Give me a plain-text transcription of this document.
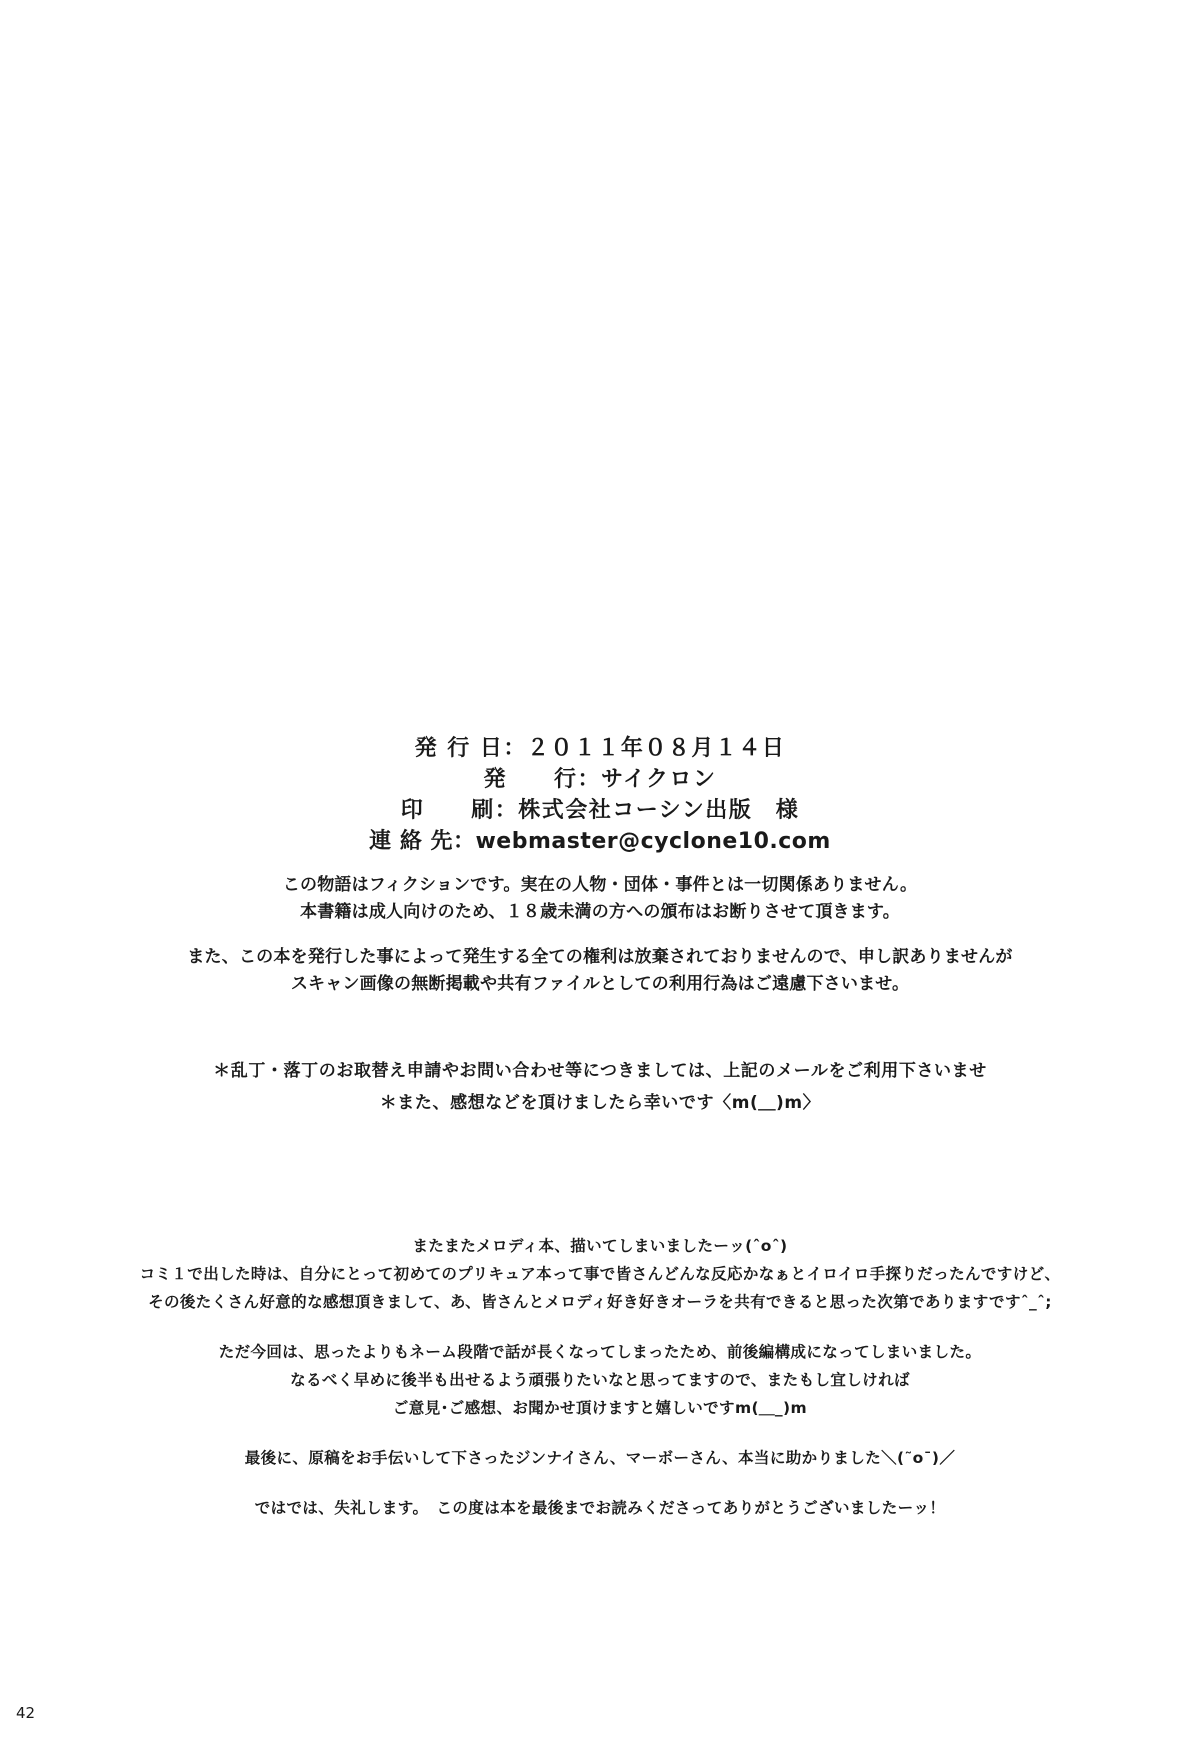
発 行 日：２０１１年０８月１４日

発　　行：サイクロン

印　　刷：株式会社コーシン出版　様

連 絡 先：webmaster@cyclone10.com

この物語はフィクションです。実在の人物・団体・事件とは一切関係ありません。

本書籍は成人向けのため、１８歳未満の方への頒布はお断りさせて頂きます。

また、この本を発行した事によって発生する全ての権利は放棄されておりませんので、申し訳ありませんが

スキャン画像の無断掲載や共有ファイルとしての利用行為はご遠慮下さいませ。

＊乱丁・落丁のお取替え申請やお問い合わせ等につきましては、上記のメールをご利用下さいませ

＊また、感想などを頂けましたら幸いです〈m(＿)m〉

またまたメロディ本、描いてしまいましたーッ(ˆoˆ)

コミ１で出した時は、自分にとって初めてのプリキュア本って事で皆さんどんな反応かなぁとイロイロ手探りだったんですけど、

その後たくさん好意的な感想頂きまして、あ、皆さんとメロディ好き好きオーラを共有できると思った次第でありますですˆ_ˆ;

ただ今回は、思ったよりもネーム段階で話が長くなってしまったため、前後編構成になってしまいました。

なるべく早めに後半も出せるよう頑張りたいなと思ってますので、またもし宜しければ

ご意見･ご感想、お聞かせ頂けますと嬉しいですm(＿_)m

最後に、原稿をお手伝いして下さったジンナイさん、マーボーさん、本当に助かりました＼(˜oˉ)／

ではでは、失礼します。　この度は本を最後までお読みくださってありがとうございましたーッ！

42
